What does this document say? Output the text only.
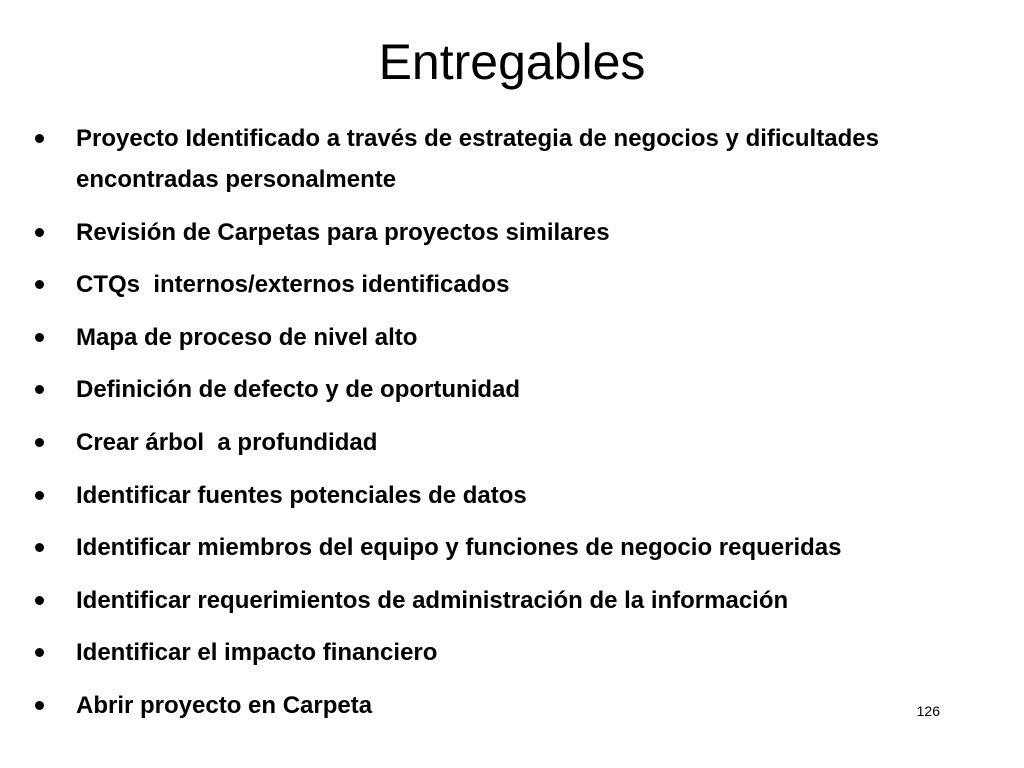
Entregables
Proyecto Identificado a través de estrategia de negocios y dificultades encontradas personalmente
Revisión de Carpetas para proyectos similares
CTQs  internos/externos identificados
Mapa de proceso de nivel alto
Definición de defecto y de oportunidad
Crear árbol  a profundidad
Identificar fuentes potenciales de datos
Identificar miembros del equipo y funciones de negocio requeridas
Identificar requerimientos de administración de la información
Identificar el impacto financiero
Abrir proyecto en Carpeta	126
